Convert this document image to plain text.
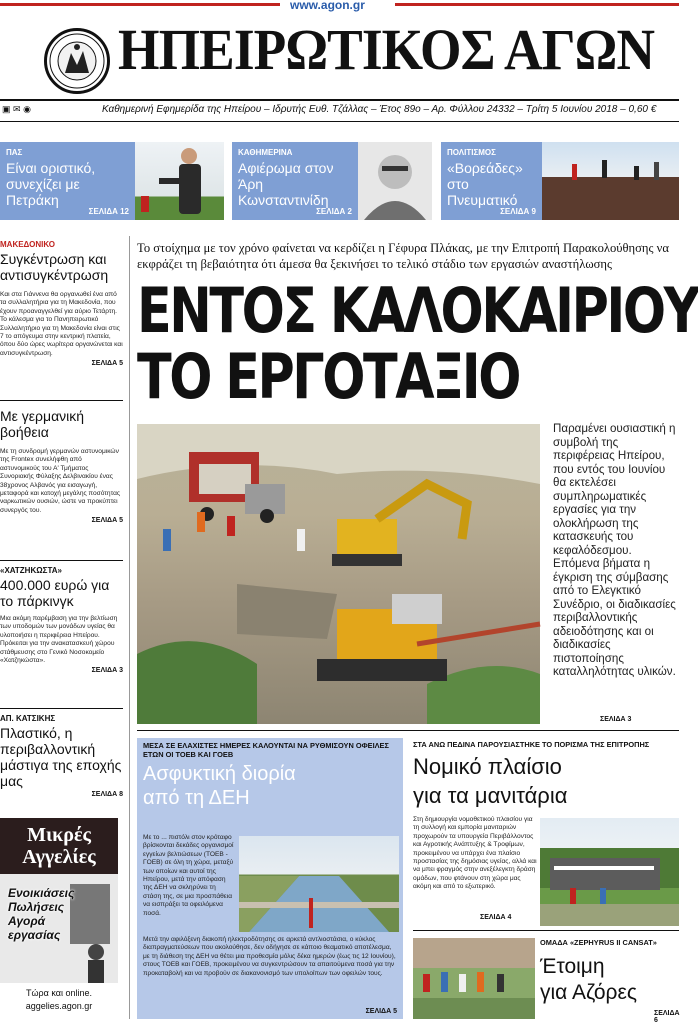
www.agon.gr
ΗΠΕΙΡΩΤΙΚΟΣ ΑΓΩΝ
▣ ✉ ◉	Καθημερινή Εφημερίδα της Ηπείρου – Ιδρυτής Ευθ. Τζάλλας – Έτος 89ο – Αρ. Φύλλου 24332 – Τρίτη 5 Ιουνίου 2018 – 0,60 €
ΠΑΣ
Είναι οριστικό, συνεχίζει με Πετράκη
ΣΕΛΙΔΑ 12
ΚΑΘΗΜΕΡΙΝΑ
Αφιέρωμα στον Άρη Κωνσταντινίδη
ΣΕΛΙΔΑ 2
ΠΟΛΙΤΙΣΜΟΣ
«Βορεάδες» στο Πνευματικό
ΣΕΛΙΔΑ 9
ΜΑΚΕΔΟΝΙΚΟ
Συγκέντρωση και αντισυγκέντρωση
Και στα Γιάννενα θα οργανωθεί ένα από τα συλλαλητήρια για τη Μακεδονία, που έχουν προαναγγελθεί για αύριο Τετάρτη. Το κάλεσμα για το Πανηπειρωτικό Συλλαλητήριο για τη Μακεδονία είναι στις 7 το απόγευμα στην κεντρική πλατεία, όπου δύο ώρες νωρίτερα οργανώνεται και αντισυγκέντρωση.
ΣΕΛΙΔΑ 5
Με γερμανική βοήθεια
Με τη συνδρομή γερμανών αστυνομικών της Frontex συνελήφθη από αστυνομικούς του Α' Τμήματος Συνοριακής Φύλαξης Δελβινακίου ένας 38χρονος Αλβανός για εισαγωγή, μεταφορά και κατοχή μεγάλης ποσότητας ναρκωτικών ουσιών, ώστε να προκύπτει συνεργός του.
ΣΕΛΙΔΑ 5
«ΧΑΤΖΗΚΩΣΤΑ»
400.000 ευρώ για το πάρκινγκ
Μια ακόμη παρέμβαση για την βελτίωση των υποδομών των μονάδων υγείας θα υλοποιήσει η περιφέρεια Ηπείρου. Πρόκειται για την ανακατασκευή χώρου στάθμευσης στο Γενικό Νοσοκομείο «Χατζηκώστα».
ΣΕΛΙΔΑ 3
ΑΠ. ΚΑΤΣΙΚΗΣ
Πλαστικό, η περιβαλλοντική μάστιγα της εποχής μας
ΣΕΛΙΔΑ 8
Μικρές
Αγγελίες
Ενοικιάσεις
Πωλήσεις
Αγορά
εργασίας
Τώρα και online.
aggelies.agon.gr
Το στοίχημα με τον χρόνο φαίνεται να κερδίζει η Γέφυρα Πλάκας, με την Επιτροπή Παρακολούθησης να εκφράζει τη βεβαιότητα ότι άμεσα θα ξεκινήσει το τελικό στάδιο των εργασιών αναστήλωσης
ΕΝΤΟΣ ΚΑΛΟΚΑΙΡΙΟΥ
ΤΟ ΕΡΓΟΤΑΞΙΟ
Παραμένει ουσιαστική η συμβολή της περιφέρειας Ηπείρου, που εντός του Ιουνίου θα εκτελέσει συμπληρωματικές εργασίες για την ολοκλήρωση της κατασκευής του κεφαλόδεσμου. Επόμενα βήματα η έγκριση της σύμβασης από το Ελεγκτικό Συνέδριο, οι διαδικασίες περιβαλλοντικής αδειοδότησης και οι διαδικασίες πιστοποίησης καταλληλότητας υλικών.
ΣΕΛΙΔΑ 3
ΜΕΣΑ ΣΕ ΕΛΑΧΙΣΤΕΣ ΗΜΕΡΕΣ ΚΑΛΟΥΝΤΑΙ ΝΑ ΡΥΘΜΙΣΟΥΝ ΟΦΕΙΛΕΣ ΕΤΩΝ ΟΙ ΤΟΕΒ ΚΑΙ ΓΟΕΒ
Ασφυκτική διορία
από τη ΔΕΗ
Με το ... πιστόλι στον κρόταφο βρίσκονται δεκάδες οργανισμοί εγγείων βελτιώσεων (ΤΟΕΒ - ΓΟΕΒ) σε όλη τη χώρα, μεταξύ των οποίων και αυτοί της Ηπείρου, μετά την απόφαση της ΔΕΗ να σκληρύνει τη στάση της, σε μια προσπάθεια να εισπράξει τα οφειλόμενα ποσά.
Μετά την αφιλόξενη διακοπή ηλεκτροδότησης σε αρκετά αντλιοστάσια, ο κύκλος διαπραγματεύσεων που ακολούθησε, δεν οδήγησε σε κάποιο θεαματικό αποτέλεσμα, με τη διάθεση της ΔΕΗ να θέτει μια προθεσμία μόλις δέκα ημερών (έως τις 12 Ιουνίου), στους ΤΟΕΒ και ΓΟΕΒ, προκειμένου να συγκεντρώσουν τα απαιτούμενα ποσά για την προκαταβολή και να προβούν σε διακανονισμό των υπολοίπων των οφειλών τους.
ΣΕΛΙΔΑ 5
ΣΤΑ ΑΝΩ ΠΕΔΙΝΑ ΠΑΡΟΥΣΙΑΣΤΗΚΕ ΤΟ ΠΟΡΙΣΜΑ ΤΗΣ ΕΠΙΤΡΟΠΗΣ
Νομικό πλαίσιο
για τα μανιτάρια
Στη δημιουργία νομοθετικού πλαισίου για τη συλλογή και εμπορία μανιταριών προχωρούν τα υπουργεία Περιβάλλοντος και Αγροτικής Ανάπτυξης & Τροφίμων, προκειμένου να υπάρχει ένα πλαίσιο προστασίας της δημόσιας υγείας, αλλά και να μπει φραγμός στην ανεξέλεγκτη δράση ομάδων, που φτάνουν στη χώρα μας ακόμη και από το εξωτερικό.
ΣΕΛΙΔΑ 4
ΟΜΑΔΑ «ZEPHYRUS II CANSAT»
Έτοιμη
για Αζόρες
ΣΕΛΙΔΑ 6
